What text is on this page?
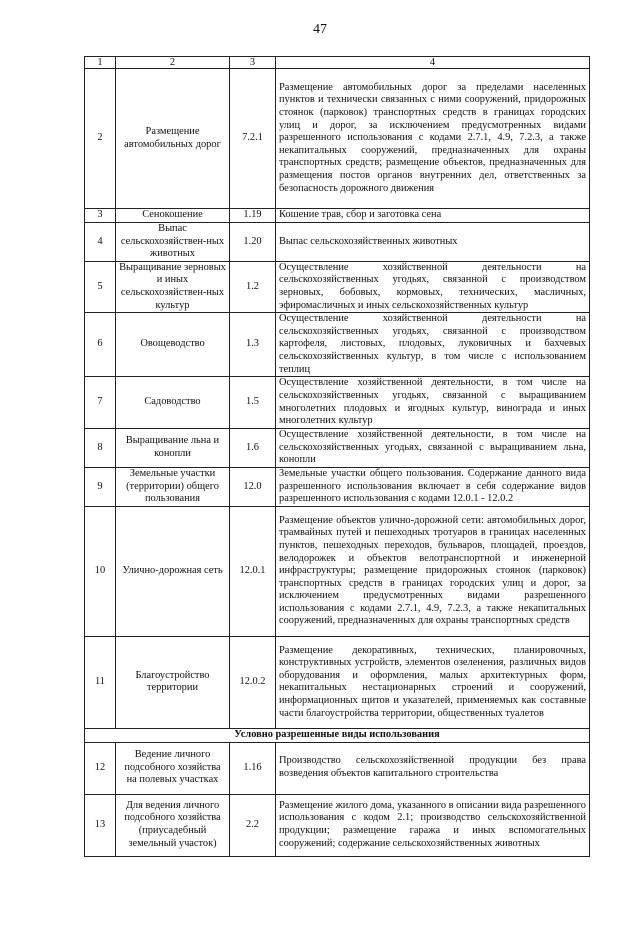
47
1	2	3	4
2	Размещение автомобильных дорог	7.2.1	Размещение автомобильных дорог за пределами населенных пунктов и технически связанных с ними сооружений, придорожных стоянок (парковок) транспортных средств в границах городских улиц и дорог, за исключением предусмотренных видами разрешенного использования с кодами 2.7.1, 4.9, 7.2.3, а также некапитальных сооружений, предназначенных для охраны транспортных средств; размещение объектов, предназначенных для размещения постов органов внутренних дел, ответственных за безопасность дорожного движения
3	Сенокошение	1.19	Кошение трав, сбор и заготовка сена
4	Выпас сельскохозяйствен-ных животных	1.20	Выпас сельскохозяйственных животных
5	Выращивание зерновых и иных сельскохозяйствен-ных культур	1.2	Осуществление хозяйственной деятельности на сельскохозяйственных угодьях, связанной с производством зерновых, бобовых, кормовых, технических, масличных, эфиромасличных и иных сельскохозяйственных культур
6	Овощеводство	1.3	Осуществление хозяйственной деятельности на сельскохозяйственных угодьях, связанной с производством картофеля, листовых, плодовых, луковичных и бахчевых сельскохозяйственных культур, в том числе с использованием теплиц
7	Садоводство	1.5	Осуществление хозяйственной деятельности, в том числе на сельскохозяйственных угодьях, связанной с выращиванием многолетних плодовых и ягодных культур, винограда и иных многолетних культур
8	Выращивание льна и конопли	1.6	Осуществление хозяйственной деятельности, в том числе на сельскохозяйственных угодьях, связанной с выращиванием льна, конопли
9	Земельные участки (территории) общего пользования	12.0	Земельные участки общего пользования. Содержание данного вида разрешенного использования включает в себя содержание видов разрешенного использования с кодами 12.0.1 - 12.0.2
10	Улично-дорожная сеть	12.0.1	Размещение объектов улично-дорожной сети: автомобильных дорог, трамвайных путей и пешеходных тротуаров в границах населенных пунктов, пешеходных переходов, бульваров, площадей, проездов, велодорожек и объектов велотранспортной и инженерной инфраструктуры; размещение придорожных стоянок (парковок) транспортных средств в границах городских улиц и дорог, за исключением предусмотренных видами разрешенного использования с кодами 2.7.1, 4.9, 7.2.3, а также некапитальных сооружений, предназначенных для охраны транспортных средств
11	Благоустройство территории	12.0.2	Размещение декоративных, технических, планировочных, конструктивных устройств, элементов озеленения, различных видов оборудования и оформления, малых архитектурных форм, некапитальных нестационарных строений и сооружений, информационных щитов и указателей, применяемых как составные части благоустройства территории, общественных туалетов
Условно разрешенные виды использования			
12	Ведение личного подсобного хозяйства на полевых участках	1.16	Производство сельскохозяйственной продукции без права возведения объектов капитального строительства
13	Для ведения личного подсобного хозяйства (приусадебный земельный участок)	2.2	Размещение жилого дома, указанного в описании вида разрешенного использования с кодом 2.1; производство сельскохозяйственной продукции; размещение гаража и иных вспомогательных сооружений; содержание сельскохозяйственных животных
